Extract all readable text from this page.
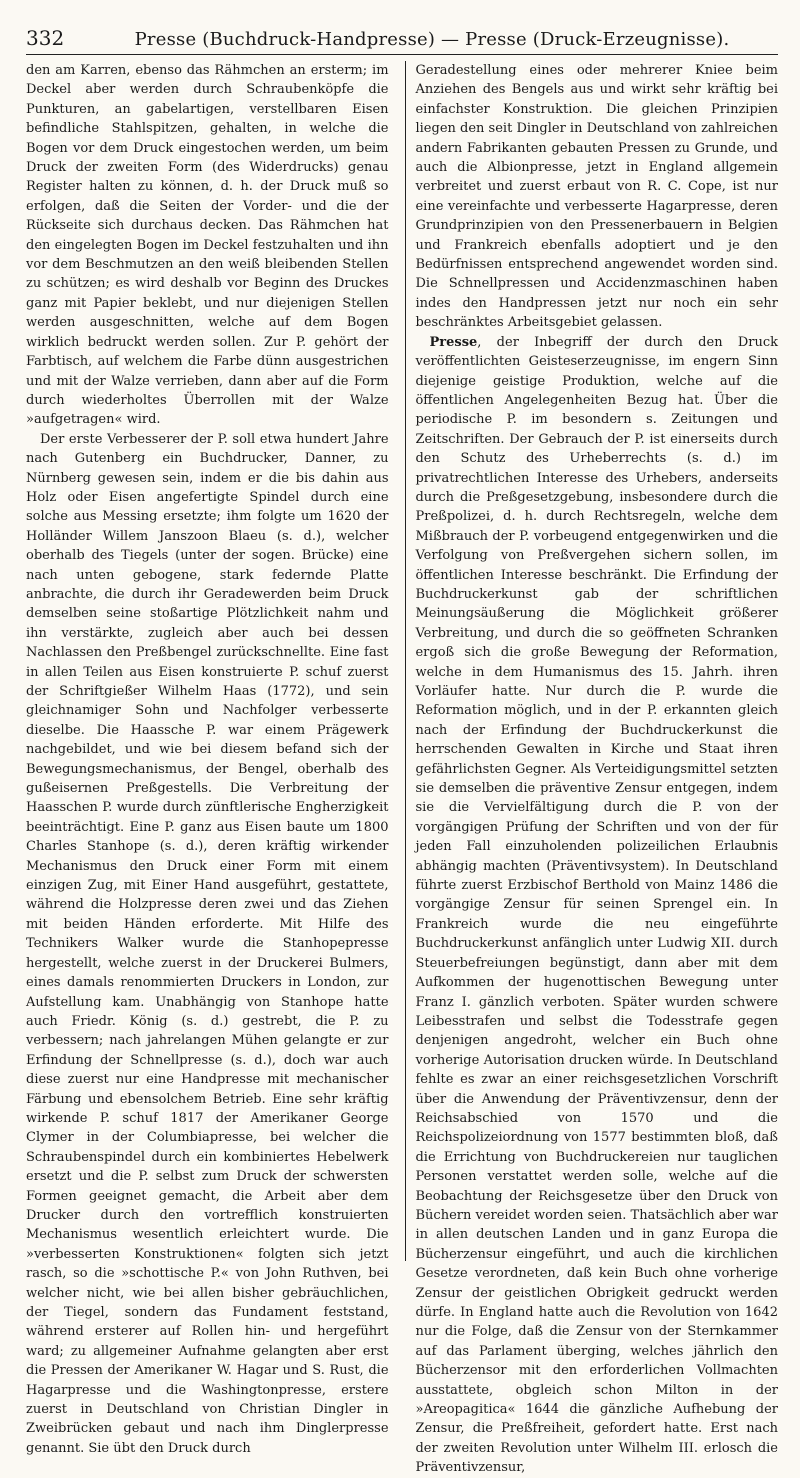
332	Presse (Buchdruck-Handpresse) — Presse (Druck-Erzeugnisse).

den am Karren, ebenso das Rähmchen an ersterm; im Deckel aber werden durch Schraubenköpfe die Punkturen, an gabelartigen, verstellbaren Eisen befindliche Stahlspitzen, gehalten, in welche die Bogen vor dem Druck eingestochen werden, um beim Druck der zweiten Form (des Widerdrucks) genau Register halten zu können, d. h. der Druck muß so erfolgen, daß die Seiten der Vorder- und die der Rückseite sich durchaus decken. Das Rähmchen hat den eingelegten Bogen im Deckel festzuhalten und ihn vor dem Beschmutzen an den weiß bleibenden Stellen zu schützen; es wird deshalb vor Beginn des Druckes ganz mit Papier beklebt, und nur diejenigen Stellen werden ausgeschnitten, welche auf dem Bogen wirklich bedruckt werden sollen. Zur P. gehört der Farbtisch, auf welchem die Farbe dünn ausgestrichen und mit der Walze verrieben, dann aber auf die Form durch wiederholtes Überrollen mit der Walze »aufgetragen« wird.

Der erste Verbesserer der P. soll etwa hundert Jahre nach Gutenberg ein Buchdrucker, Danner, zu Nürnberg gewesen sein, indem er die bis dahin aus Holz oder Eisen angefertigte Spindel durch eine solche aus Messing ersetzte; ihm folgte um 1620 der Holländer Willem Janszoon Blaeu (s. d.), welcher oberhalb des Tiegels (unter der sogen. Brücke) eine nach unten gebogene, stark federnde Platte anbrachte, die durch ihr Geradewerden beim Druck demselben seine stoßartige Plötzlichkeit nahm und ihn verstärkte, zugleich aber auch bei dessen Nachlassen den Preßbengel zurückschnellte. Eine fast in allen Teilen aus Eisen konstruierte P. schuf zuerst der Schriftgießer Wilhelm Haas (1772), und sein gleichnamiger Sohn und Nachfolger verbesserte dieselbe. Die Haassche P. war einem Prägewerk nachgebildet, und wie bei diesem befand sich der Bewegungsmechanismus, der Bengel, oberhalb des gußeisernen Preßgestells. Die Verbreitung der Haasschen P. wurde durch zünftlerische Engherzigkeit beeinträchtigt. Eine P. ganz aus Eisen baute um 1800 Charles Stanhope (s. d.), deren kräftig wirkender Mechanismus den Druck einer Form mit einem einzigen Zug, mit Einer Hand ausgeführt, gestattete, während die Holzpresse deren zwei und das Ziehen mit beiden Händen erforderte. Mit Hilfe des Technikers Walker wurde die Stanhopepresse hergestellt, welche zuerst in der Druckerei Bulmers, eines damals renommierten Druckers in London, zur Aufstellung kam. Unabhängig von Stanhope hatte auch Friedr. König (s. d.) gestrebt, die P. zu verbessern; nach jahrelangen Mühen gelangte er zur Erfindung der Schnellpresse (s. d.), doch war auch diese zuerst nur eine Handpresse mit mechanischer Färbung und ebensolchem Betrieb. Eine sehr kräftig wirkende P. schuf 1817 der Amerikaner George Clymer in der Columbiapresse, bei welcher die Schraubenspindel durch ein kombiniertes Hebelwerk ersetzt und die P. selbst zum Druck der schwersten Formen geeignet gemacht, die Arbeit aber dem Drucker durch den vortrefflich konstruierten Mechanismus wesentlich erleichtert wurde. Die »verbesserten Konstruktionen« folgten sich jetzt rasch, so die »schottische P.« von John Ruthven, bei welcher nicht, wie bei allen bisher gebräuchlichen, der Tiegel, sondern das Fundament feststand, während ersterer auf Rollen hin- und hergeführt ward; zu allgemeiner Aufnahme gelangten aber erst die Pressen der Amerikaner W. Hagar und S. Rust, die Hagarpresse und die Washingtonpresse, erstere zuerst in Deutschland von Christian Dingler in Zweibrücken gebaut und nach ihm Dinglerpresse genannt. Sie übt den Druck durch

Geradestellung eines oder mehrerer Kniee beim Anziehen des Bengels aus und wirkt sehr kräftig bei einfachster Konstruktion. Die gleichen Prinzipien liegen den seit Dingler in Deutschland von zahlreichen andern Fabrikanten gebauten Pressen zu Grunde, und auch die Albionpresse, jetzt in England allgemein verbreitet und zuerst erbaut von R. C. Cope, ist nur eine vereinfachte und verbesserte Hagarpresse, deren Grundprinzipien von den Pressenerbauern in Belgien und Frankreich ebenfalls adoptiert und je den Bedürfnissen entsprechend angewendet worden sind. Die Schnellpressen und Accidenzmaschinen haben indes den Handpressen jetzt nur noch ein sehr beschränktes Arbeitsgebiet gelassen.

Presse, der Inbegriff der durch den Druck veröffentlichten Geisteserzeugnisse, im engern Sinn diejenige geistige Produktion, welche auf die öffentlichen Angelegenheiten Bezug hat. Über die periodische P. im besondern s. Zeitungen und Zeitschriften. Der Gebrauch der P. ist einerseits durch den Schutz des Urheberrechts (s. d.) im privatrechtlichen Interesse des Urhebers, anderseits durch die Preßgesetzgebung, insbesondere durch die Preßpolizei, d. h. durch Rechtsregeln, welche dem Mißbrauch der P. vorbeugend entgegenwirken und die Verfolgung von Preßvergehen sichern sollen, im öffentlichen Interesse beschränkt. Die Erfindung der Buchdruckerkunst gab der schriftlichen Meinungsäußerung die Möglichkeit größerer Verbreitung, und durch die so geöffneten Schranken ergoß sich die große Bewegung der Reformation, welche in dem Humanismus des 15. Jahrh. ihren Vorläufer hatte. Nur durch die P. wurde die Reformation möglich, und in der P. erkannten gleich nach der Erfindung der Buchdruckerkunst die herrschenden Gewalten in Kirche und Staat ihren gefährlichsten Gegner. Als Verteidigungsmittel setzten sie demselben die präventive Zensur entgegen, indem sie die Vervielfältigung durch die P. von der vorgängigen Prüfung der Schriften und von der für jeden Fall einzuholenden polizeilichen Erlaubnis abhängig machten (Präventivsystem). In Deutschland führte zuerst Erzbischof Berthold von Mainz 1486 die vorgängige Zensur für seinen Sprengel ein. In Frankreich wurde die neu eingeführte Buchdruckerkunst anfänglich unter Ludwig XII. durch Steuerbefreiungen begünstigt, dann aber mit dem Aufkommen der hugenottischen Bewegung unter Franz I. gänzlich verboten. Später wurden schwere Leibesstrafen und selbst die Todesstrafe gegen denjenigen angedroht, welcher ein Buch ohne vorherige Autorisation drucken würde. In Deutschland fehlte es zwar an einer reichsgesetzlichen Vorschrift über die Anwendung der Präventivzensur, denn der Reichsabschied von 1570 und die Reichspolizeiordnung von 1577 bestimmten bloß, daß die Errichtung von Buchdruckereien nur tauglichen Personen verstattet werden solle, welche auf die Beobachtung der Reichsgesetze über den Druck von Büchern vereidet worden seien. Thatsächlich aber war in allen deutschen Landen und in ganz Europa die Bücherzensur eingeführt, und auch die kirchlichen Gesetze verordneten, daß kein Buch ohne vorherige Zensur der geistlichen Obrigkeit gedruckt werden dürfe. In England hatte auch die Revolution von 1642 nur die Folge, daß die Zensur von der Sternkammer auf das Parlament überging, welches jährlich den Bücherzensor mit den erforderlichen Vollmachten ausstattete, obgleich schon Milton in der »Areopagitica« 1644 die gänzliche Aufhebung der Zensur, die Preßfreiheit, gefordert hatte. Erst nach der zweiten Revolution unter Wilhelm III. erlosch die Präventivzensur,
